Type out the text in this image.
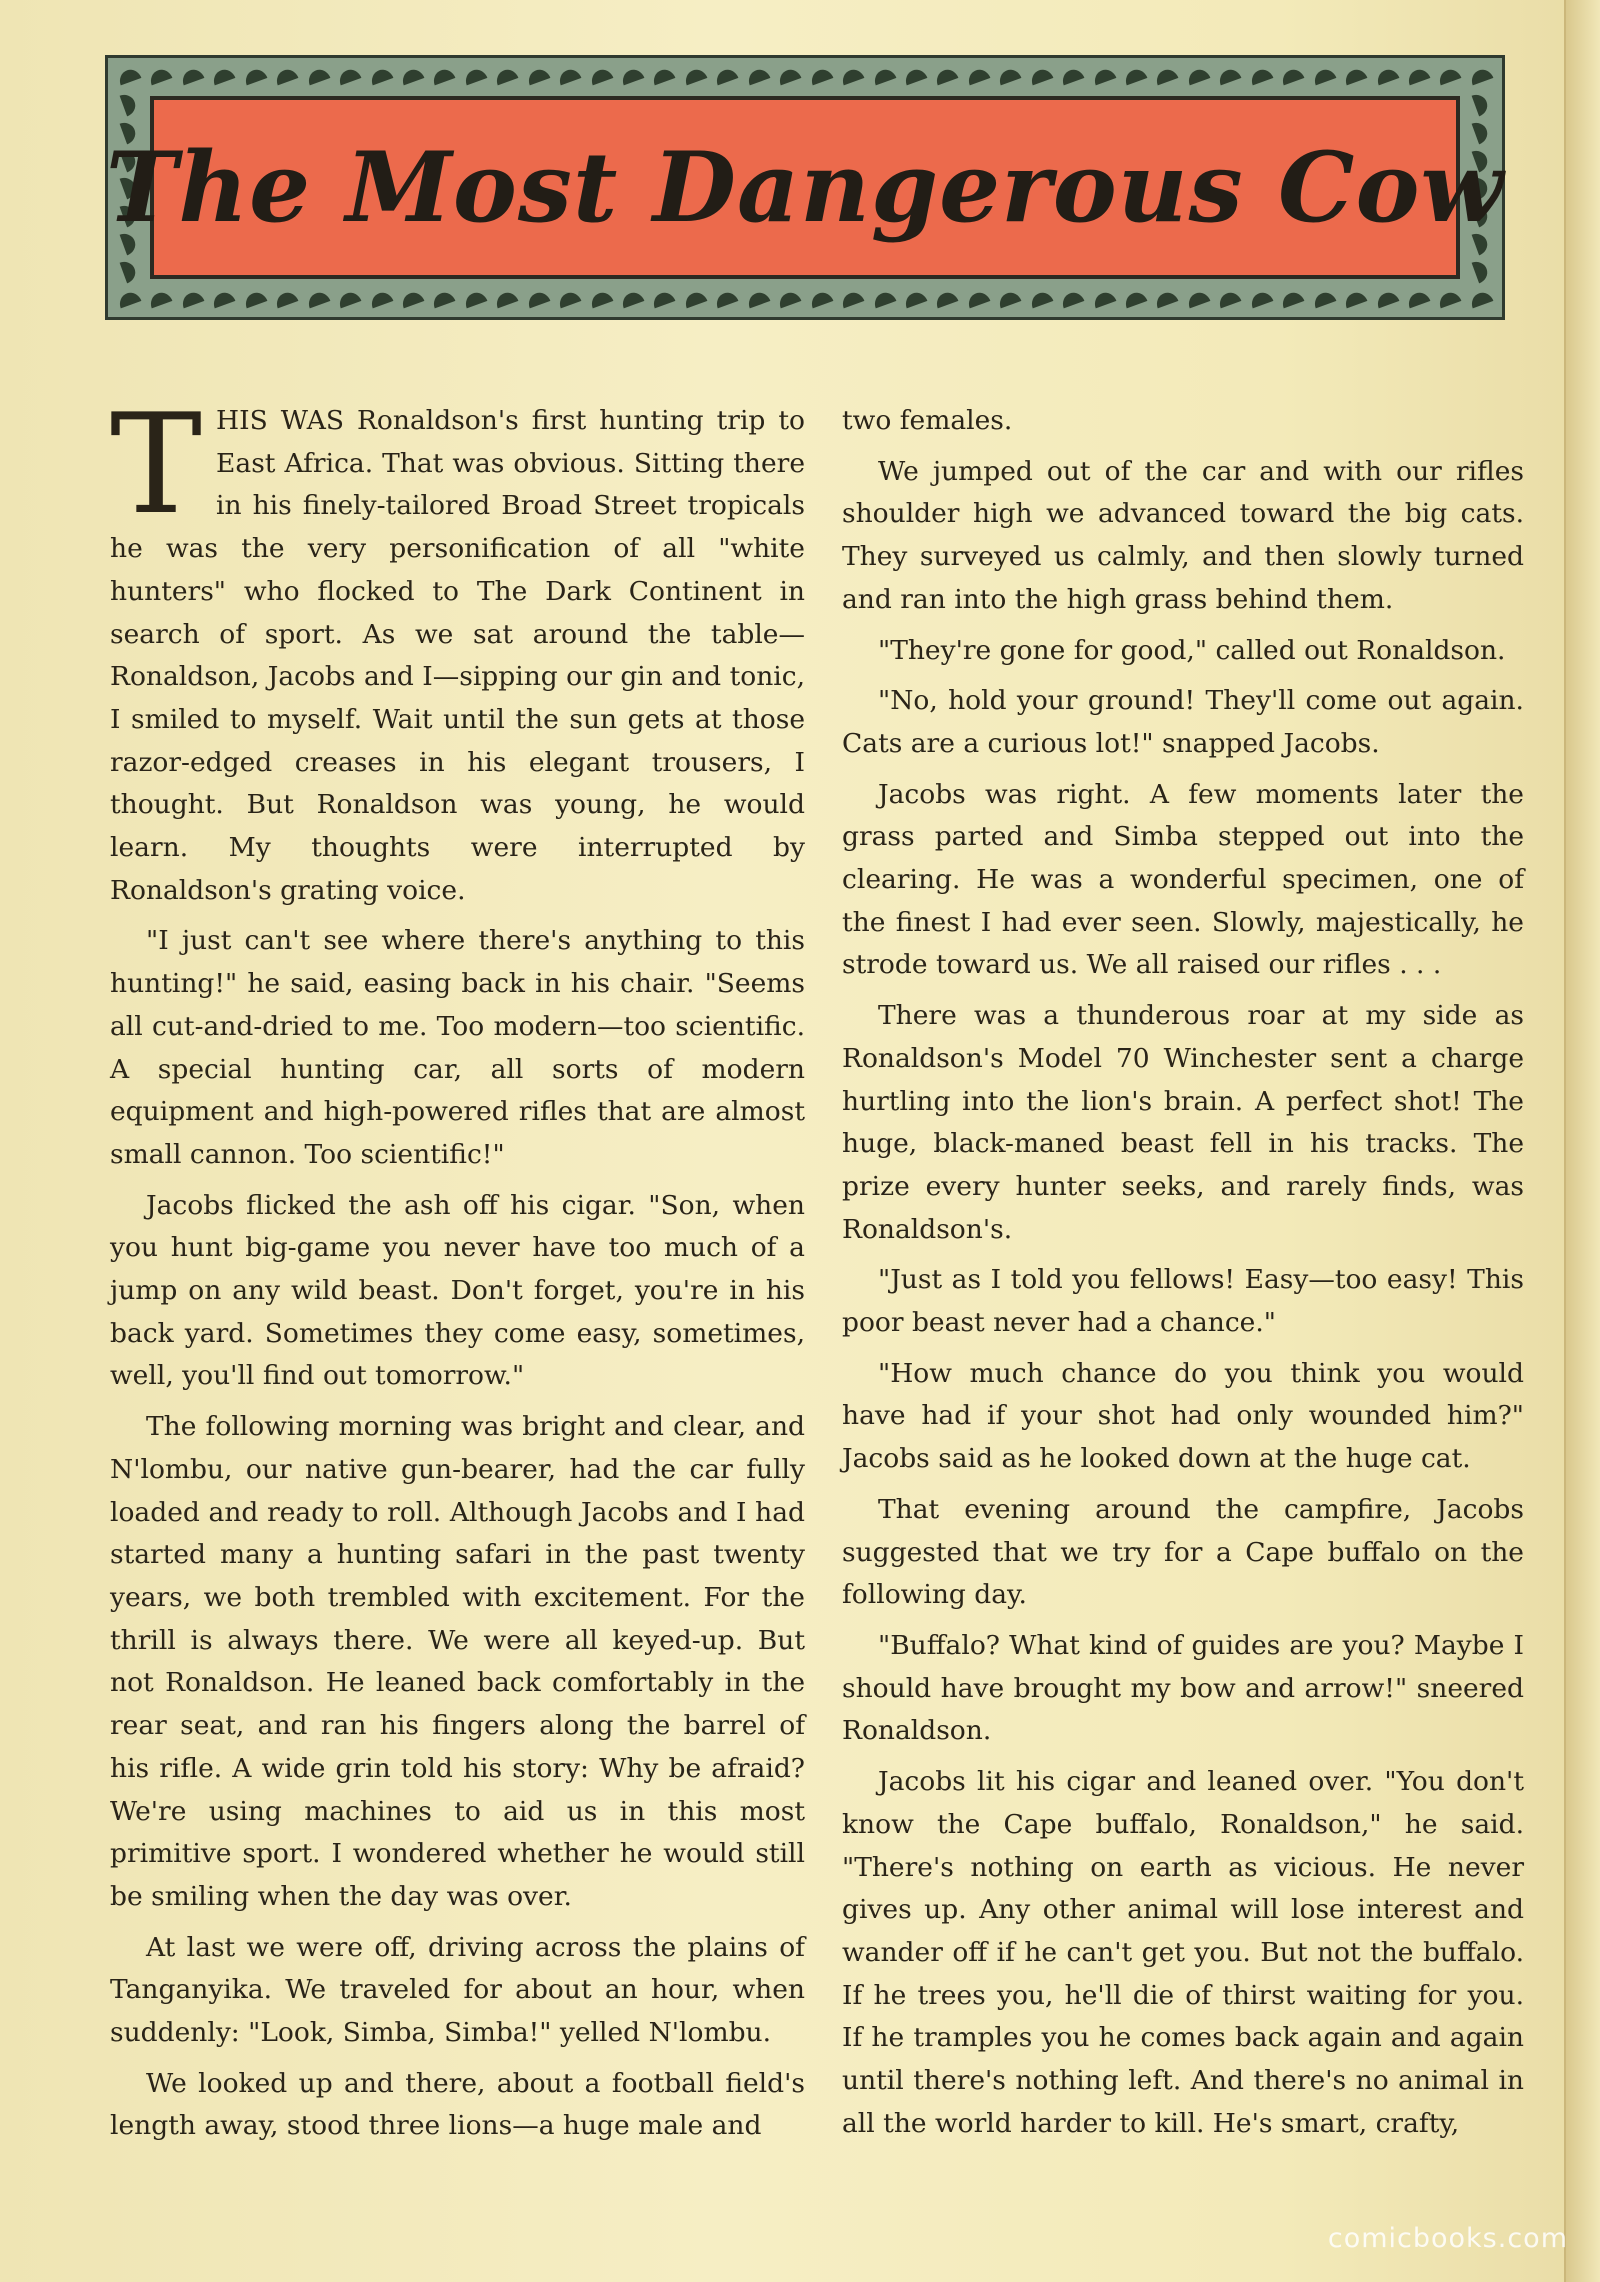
The Most Dangerous Cow

THIS WAS Ronaldson's first hunting trip to East Africa. That was obvious. Sitting there in his finely-tailored Broad Street tropicals he was the very personification of all "white hunters" who flocked to The Dark Continent in search of sport. As we sat around the table—Ronaldson, Jacobs and I—sipping our gin and tonic, I smiled to myself. Wait until the sun gets at those razor-edged creases in his elegant trousers, I thought. But Ronaldson was young, he would learn. My thoughts were interrupted by Ronaldson's grating voice.

"I just can't see where there's anything to this hunting!" he said, easing back in his chair. "Seems all cut-and-dried to me. Too modern—too scientific. A special hunting car, all sorts of modern equipment and high-powered rifles that are almost small cannon. Too scientific!"

Jacobs flicked the ash off his cigar. "Son, when you hunt big-game you never have too much of a jump on any wild beast. Don't forget, you're in his back yard. Sometimes they come easy, sometimes, well, you'll find out tomorrow."

The following morning was bright and clear, and N'lombu, our native gun-bearer, had the car fully loaded and ready to roll. Although Jacobs and I had started many a hunting safari in the past twenty years, we both trembled with excitement. For the thrill is always there. We were all keyed-up. But not Ronaldson. He leaned back comfortably in the rear seat, and ran his fingers along the barrel of his rifle. A wide grin told his story: Why be afraid? We're using machines to aid us in this most primitive sport. I wondered whether he would still be smiling when the day was over.

At last we were off, driving across the plains of Tanganyika. We traveled for about an hour, when suddenly: "Look, Simba, Simba!" yelled N'lombu.

We looked up and there, about a football field's length away, stood three lions—a huge male and

two females.

We jumped out of the car and with our rifles shoulder high we advanced toward the big cats. They surveyed us calmly, and then slowly turned and ran into the high grass behind them.

"They're gone for good," called out Ronaldson.

"No, hold your ground! They'll come out again. Cats are a curious lot!" snapped Jacobs.

Jacobs was right. A few moments later the grass parted and Simba stepped out into the clearing. He was a wonderful specimen, one of the finest I had ever seen. Slowly, majestically, he strode toward us. We all raised our rifles . . .

There was a thunderous roar at my side as Ronaldson's Model 70 Winchester sent a charge hurtling into the lion's brain. A perfect shot! The huge, black-maned beast fell in his tracks. The prize every hunter seeks, and rarely finds, was Ronaldson's.

"Just as I told you fellows! Easy—too easy! This poor beast never had a chance."

"How much chance do you think you would have had if your shot had only wounded him?" Jacobs said as he looked down at the huge cat.

That evening around the campfire, Jacobs suggested that we try for a Cape buffalo on the following day.

"Buffalo? What kind of guides are you? Maybe I should have brought my bow and arrow!" sneered Ronaldson.

Jacobs lit his cigar and leaned over. "You don't know the Cape buffalo, Ronaldson," he said. "There's nothing on earth as vicious. He never gives up. Any other animal will lose interest and wander off if he can't get you. But not the buffalo. If he trees you, he'll die of thirst waiting for you. If he tramples you he comes back again and again until there's nothing left. And there's no animal in all the world harder to kill. He's smart, crafty,

comicbooks.com
